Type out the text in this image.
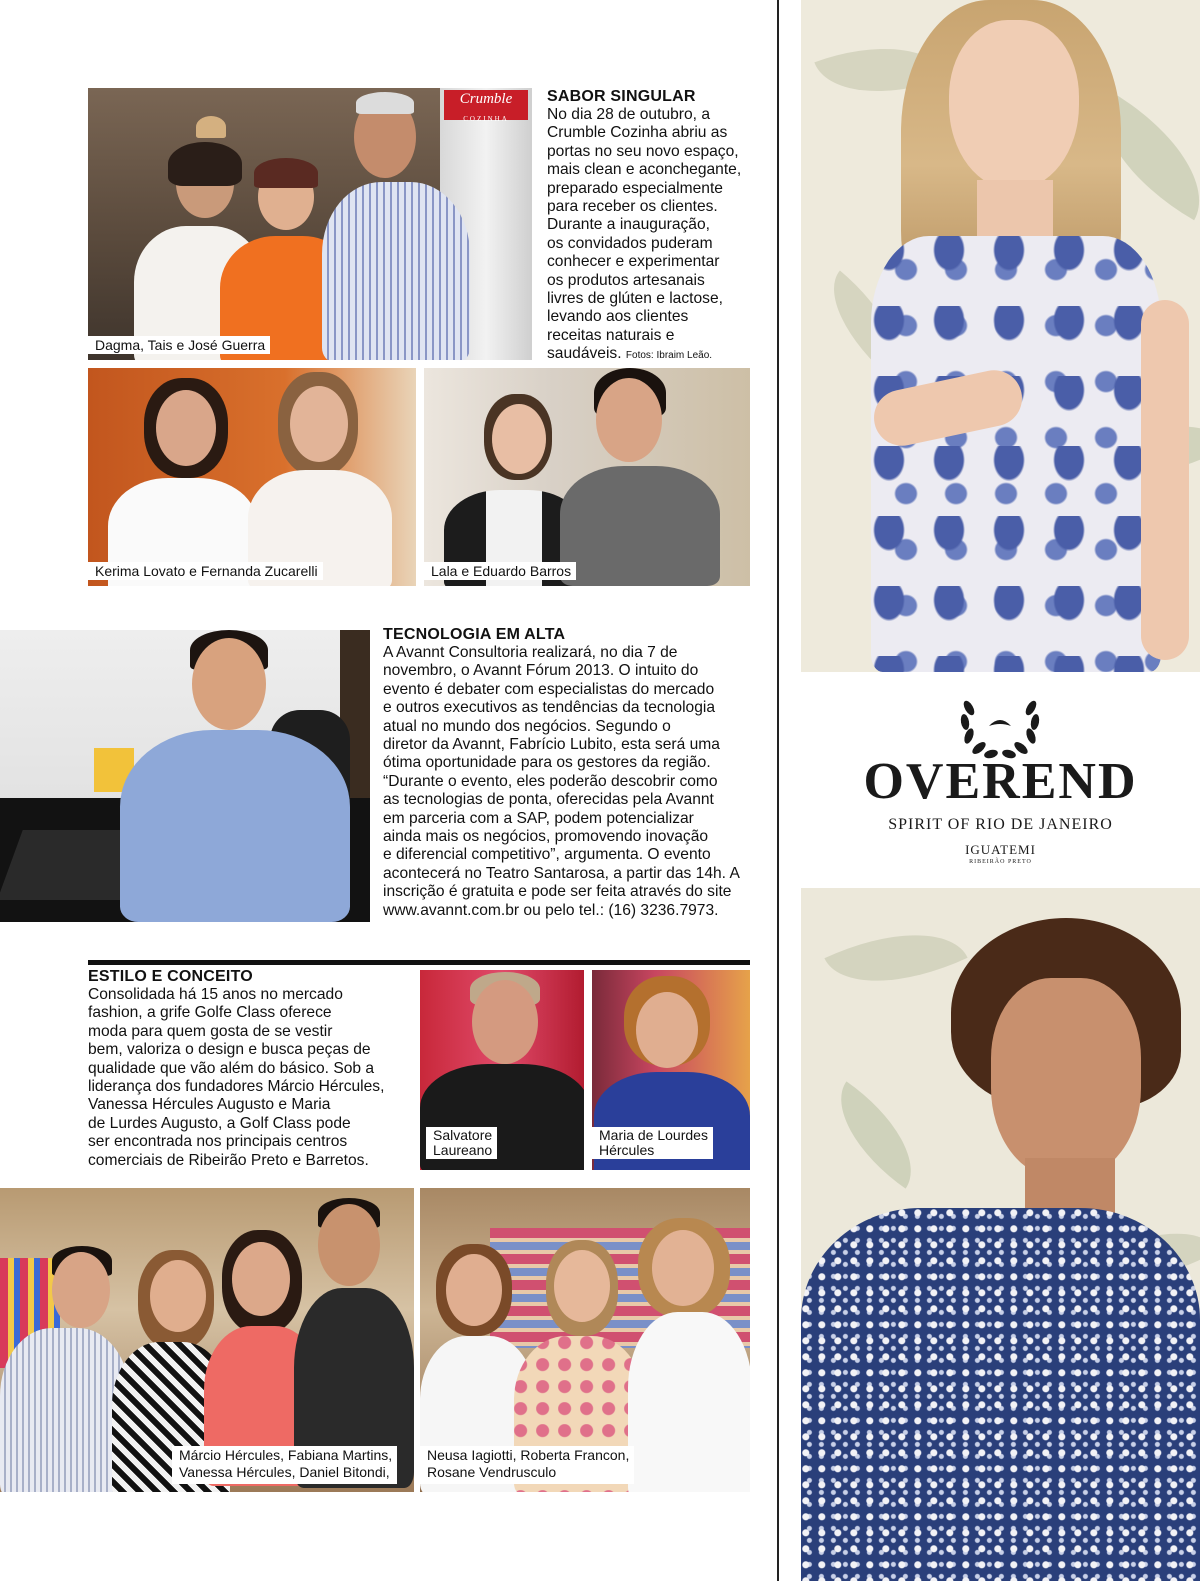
Crumble
COZINHA
Dagma, Tais e José Guerra
SABOR SINGULAR

No dia 28 de outubro, a

Crumble Cozinha abriu as

portas no seu novo espaço,

mais clean e aconchegante,

preparado especialmente

para receber os clientes.

Durante a inauguração,

os convidados puderam

conhecer e experimentar

os produtos artesanais

livres de glúten e lactose,

levando aos clientes

receitas naturais e

saudáveis. Fotos: Ibraim Leão.

Kerima Lovato e Fernanda Zucarelli	Lala e Eduardo Barros
TECNOLOGIA EM ALTA

A Avannt Consultoria realizará, no dia 7 de

novembro, o Avannt Fórum 2013. O intuito do

evento é debater com especialistas do mercado

e outros executivos as tendências da tecnologia

atual no mundo dos negócios. Segundo o

diretor da Avannt, Fabrício Lubito, esta será uma

ótima oportunidade para os gestores da região.

“Durante o evento, eles poderão descobrir como

as tecnologias de ponta, oferecidas pela Avannt

em parceria com a SAP, podem potencializar

ainda mais os negócios, promovendo inovação

e diferencial competitivo”, argumenta. O evento

acontecerá no Teatro Santarosa, a partir das 14h. A

inscrição é gratuita e pode ser feita através do site

www.avannt.com.br ou pelo tel.: (16) 3236.7973.

ESTILO E CONCEITO

Consolidada há 15 anos no mercado

fashion, a grife Golfe Class oferece

moda para quem gosta de se vestir

bem, valoriza o design e busca peças de

qualidade que vão além do básico. Sob a

liderança dos fundadores Márcio Hércules,

Vanessa Hércules Augusto e Maria

de Lurdes Augusto, a Golf Class pode

ser encontrada nos principais centros

comerciais de Ribeirão Preto e Barretos.

Salvatore
Laureano
Maria de Lourdes
Hércules
Márcio Hércules, Fabiana Martins,
Vanessa Hércules, Daniel Bitondi,
Neusa Iagiotti, Roberta Francon,
Rosane Vendrusculo
OVEREND
SPIRIT OF RIO DE JANEIRO
IGUATEMI
RIBEIRÃO PRETO
